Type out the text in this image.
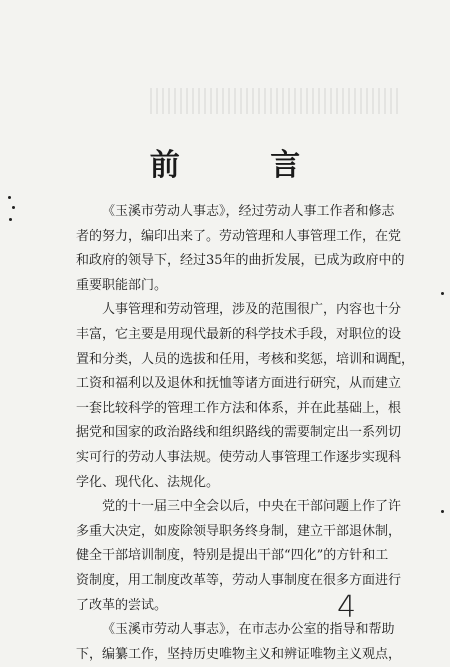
前 言
《玉溪市劳动人事志》，经过劳动人事工作者和修志
者的努力，编印出来了。劳动管理和人事管理工作，在党
和政府的领导下，经过35年的曲折发展，已成为政府中的
重要职能部门。
人事管理和劳动管理，涉及的范围很广，内容也十分
丰富，它主要是用现代最新的科学技术手段，对职位的设
置和分类，人员的选拔和任用，考核和奖惩，培训和调配，
工资和福利以及退休和抚恤等诸方面进行研究，从而建立
一套比较科学的管理工作方法和体系，并在此基础上，根
据党和国家的政治路线和组织路线的需要制定出一系列切
实可行的劳动人事法规。使劳动人事管理工作逐步实现科
学化、现代化、法规化。
党的十一届三中全会以后，中央在干部问题上作了许
多重大决定，如废除领导职务终身制，建立干部退休制，
健全干部培训制度，特别是提出干部“四化”的方针和工
资制度，用工制度改革等，劳动人事制度在很多方面进行
了改革的尝试。
《玉溪市劳动人事志》，在市志办公室的指导和帮助
下，编纂工作，坚持历史唯物主义和辨证唯物主义观点，
4
